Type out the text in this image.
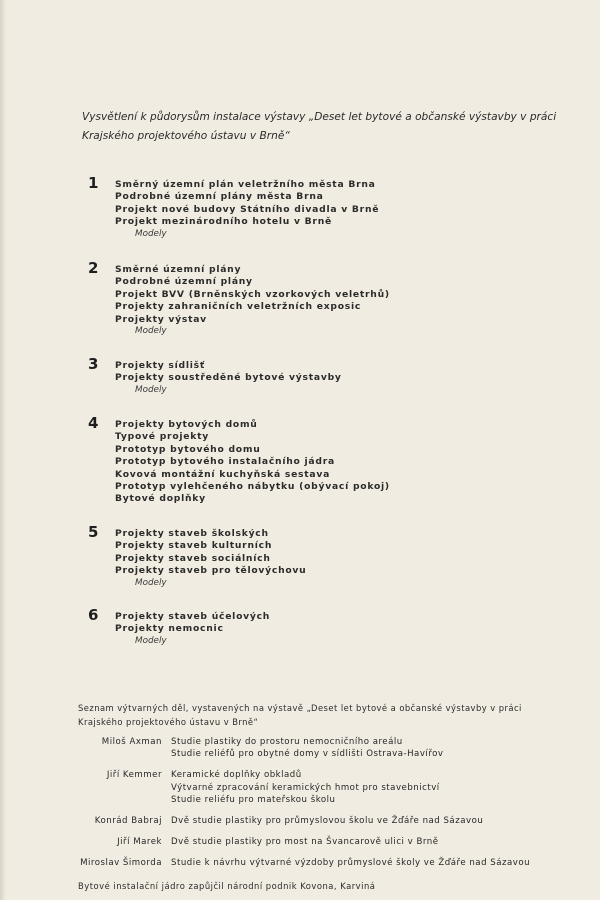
Vysvětlení k půdorysům instalace výstavy „Deset let bytové a občanské výstavby v práci Krajského projektového ústavu v Brně“

1 Směrný územní plán veletržního města Brna
Podrobné územní plány města Brna
Projekt nové budovy Státního divadla v Brně
Projekt mezinárodního hotelu v Brně
Modely
2 Směrné územní plány
Podrobné územní plány
Projekt BVV (Brněnských vzorkových veletrhů)
Projekty zahraničních veletržních exposic
Projekty výstav
Modely
3 Projekty sídlišť
Projekty soustředěné bytové výstavby
Modely
4 Projekty bytových domů
Typové projekty
Prototyp bytového domu
Prototyp bytového instalačního jádra
Kovová montážní kuchyňská sestava
Prototyp vylehčeného nábytku (obývací pokoj)
Bytové doplňky
5 Projekty staveb školských
Projekty staveb kulturních
Projekty staveb sociálních
Projekty staveb pro tělovýchovu
Modely
6 Projekty staveb účelových
Projekty nemocnic
Modely

Seznam výtvarných děl, vystavených na výstavě „Deset let bytové a občanské výstavby v práci Krajského projektového ústavu v Brně“

Miloš Axman Studie plastiky do prostoru nemocničního areálu
Studie reliéfů pro obytné domy v sídlišti Ostrava-Havířov
Jiří Kemmer Keramické doplňky obkladů
Výtvarné zpracování keramických hmot pro stavebnictví
Studie reliéfu pro mateřskou školu
Konrád Babraj Dvě studie plastiky pro průmyslovou školu ve Žďáře nad Sázavou
Jiří Marek Dvě studie plastiky pro most na Švancarově ulici v Brně
Miroslav Šimorda Studie k návrhu výtvarné výzdoby průmyslové školy ve Žďáře nad Sázavou

Bytové instalační jádro zapůjčil národní podnik Kovona, Karviná
